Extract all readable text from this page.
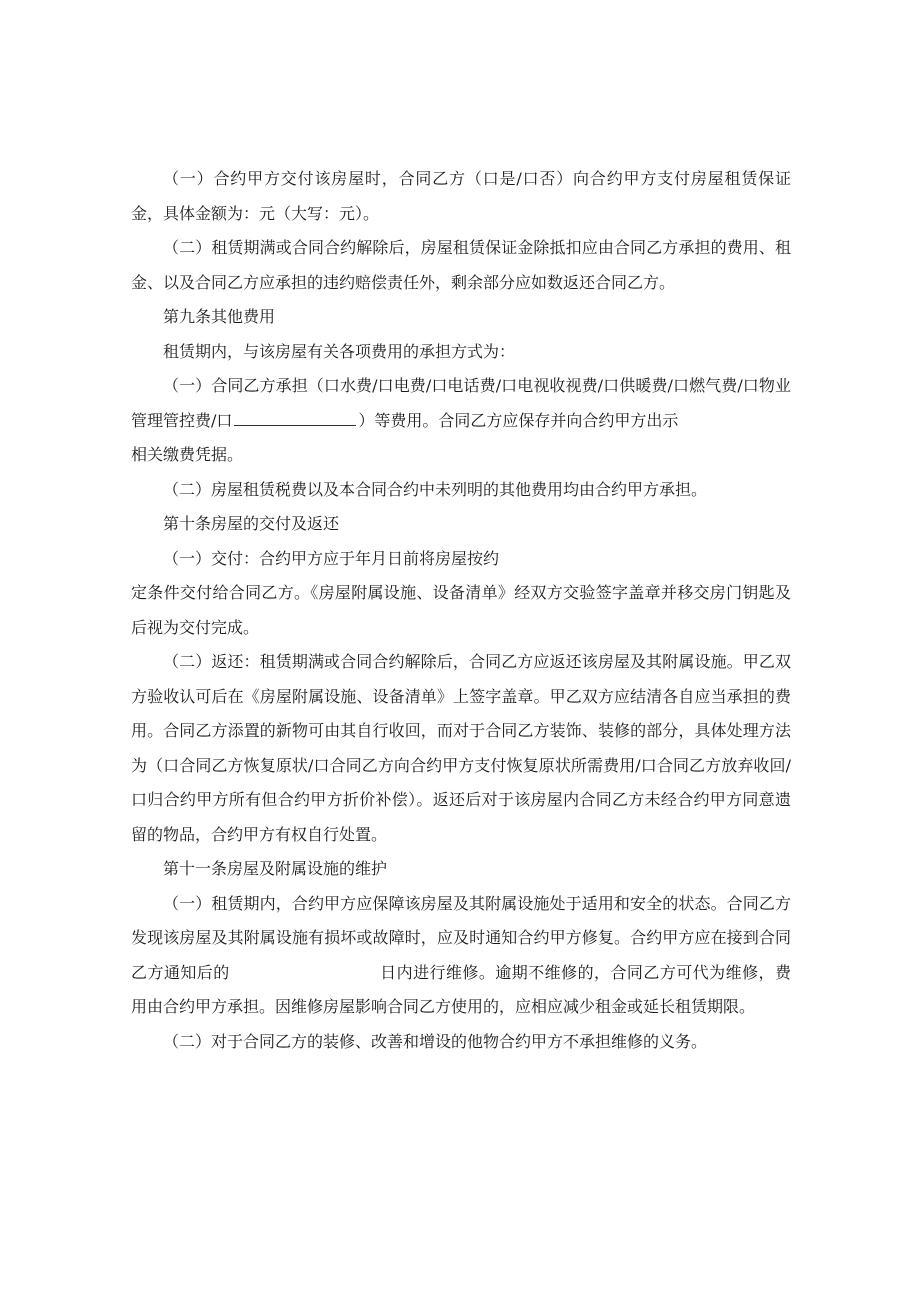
（一）合约甲方交付该房屋时，合同乙方（口是/口否）向合约甲方支付房屋租赁保证金，具体金额为：元（大写：元）。

（二）租赁期满或合同合约解除后，房屋租赁保证金除抵扣应由合同乙方承担的费用、租金、以及合同乙方应承担的违约赔偿责任外，剩余部分应如数返还合同乙方。

第九条其他费用

租赁期内，与该房屋有关各项费用的承担方式为：

（一）合同乙方承担（口水费/口电费/口电话费/口电视收视费/口供暖费/口燃气费/口物业管理管控费/口	）等费用。合同乙方应保存并向合约甲方出示

相关缴费凭据。

（二）房屋租赁税费以及本合同合约中未列明的其他费用均由合约甲方承担。

第十条房屋的交付及返还

（一）交付：合约甲方应于年月日前将房屋按约

定条件交付给合同乙方。《房屋附属设施、设备清单》经双方交验签字盖章并移交房门钥匙及后视为交付完成。

（二）返还：租赁期满或合同合约解除后，合同乙方应返还该房屋及其附属设施。甲乙双方验收认可后在《房屋附属设施、设备清单》上签字盖章。甲乙双方应结清各自应当承担的费用。合同乙方添置的新物可由其自行收回，而对于合同乙方装饰、装修的部分，具体处理方法为（口合同乙方恢复原状/口合同乙方向合约甲方支付恢复原状所需费用/口合同乙方放弃收回/口归合约甲方所有但合约甲方折价补偿）。返还后对于该房屋内合同乙方未经合约甲方同意遗留的物品，合约甲方有权自行处置。

第十一条房屋及附属设施的维护

（一）租赁期内，合约甲方应保障该房屋及其附属设施处于适用和安全的状态。合同乙方发现该房屋及其附属设施有损坏或故障时，应及时通知合约甲方修复。合约甲方应在接到合同乙方通知后的	日内进行维修。逾期不维修的，合同乙方可代为维修，费用由合约甲方承担。因维修房屋影响合同乙方使用的，应相应减少租金或延长租赁期限。

（二）对于合同乙方的装修、改善和增设的他物合约甲方不承担维修的义务。
